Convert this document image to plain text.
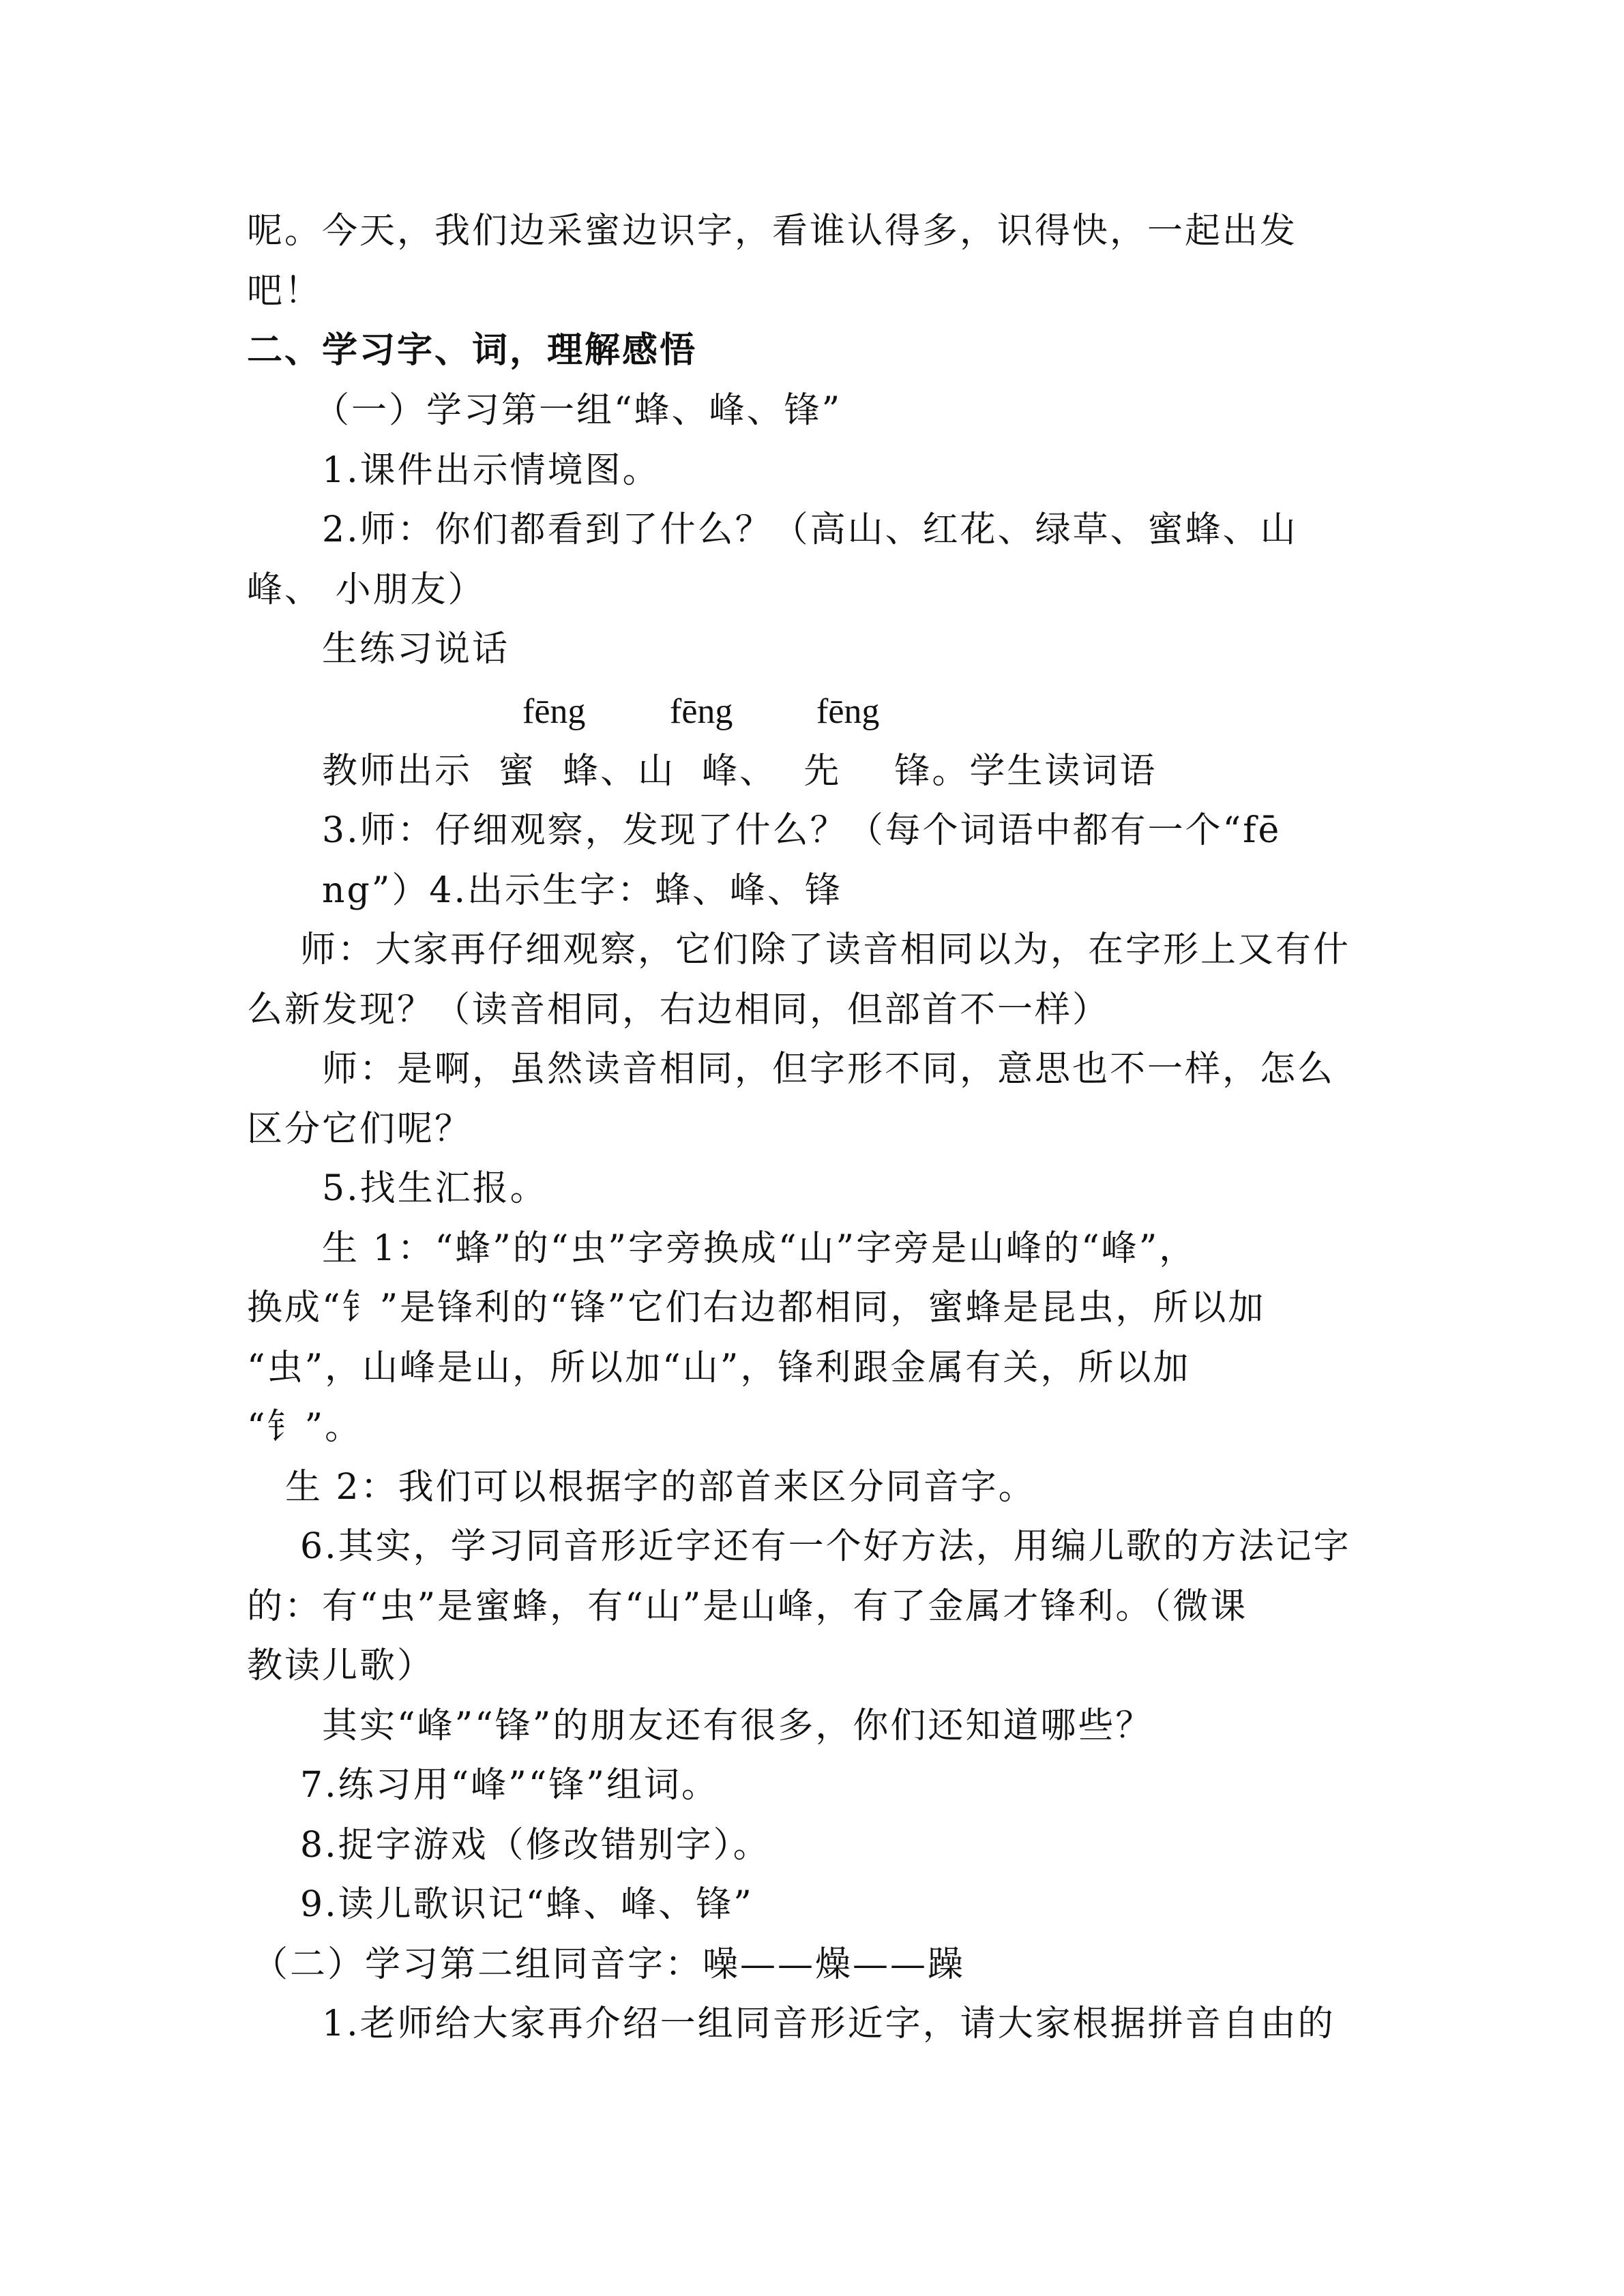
呢。今天，我们边采蜜边识字，看谁认得多，识得快，一起出发

吧！

二、学习字、词，理解感悟

（一）学习第一组“蜂、峰、锋”

1.课件出示情境图。

2.师：你们都看到了什么？（高山、红花、绿草、蜜蜂、山

峰、 小朋友）

生练习说话

fēng fēng fēng

教师出示  蜜  蜂、山  峰、  先    锋。学生读词语

3.师：仔细观察，发现了什么？（每个词语中都有一个“fē

ng”）4.出示生字：蜂、峰、锋

师：大家再仔细观察，它们除了读音相同以为，在字形上又有什

么新发现？（读音相同，右边相同，但部首不一样）

师：是啊，虽然读音相同，但字形不同，意思也不一样，怎么

区分它们呢？

5.找生汇报。

生 1：“蜂”的“虫”字旁换成“山”字旁是山峰的“峰”，

换成“钅”是锋利的“锋”它们右边都相同，蜜蜂是昆虫，所以加

“虫”，山峰是山，所以加“山”，锋利跟金属有关，所以加

“钅”。

生 2：我们可以根据字的部首来区分同音字。

6.其实，学习同音形近字还有一个好方法，用编儿歌的方法记字

的：有“虫”是蜜蜂，有“山”是山峰，有了金属才锋利。（微课

教读儿歌）

其实“峰”“锋”的朋友还有很多，你们还知道哪些？

7.练习用“峰”“锋”组词。

8.捉字游戏（修改错别字）。

9.读儿歌识记“蜂、峰、锋”

（二）学习第二组同音字：噪——燥——躁

1.老师给大家再介绍一组同音形近字，请大家根据拼音自由的
